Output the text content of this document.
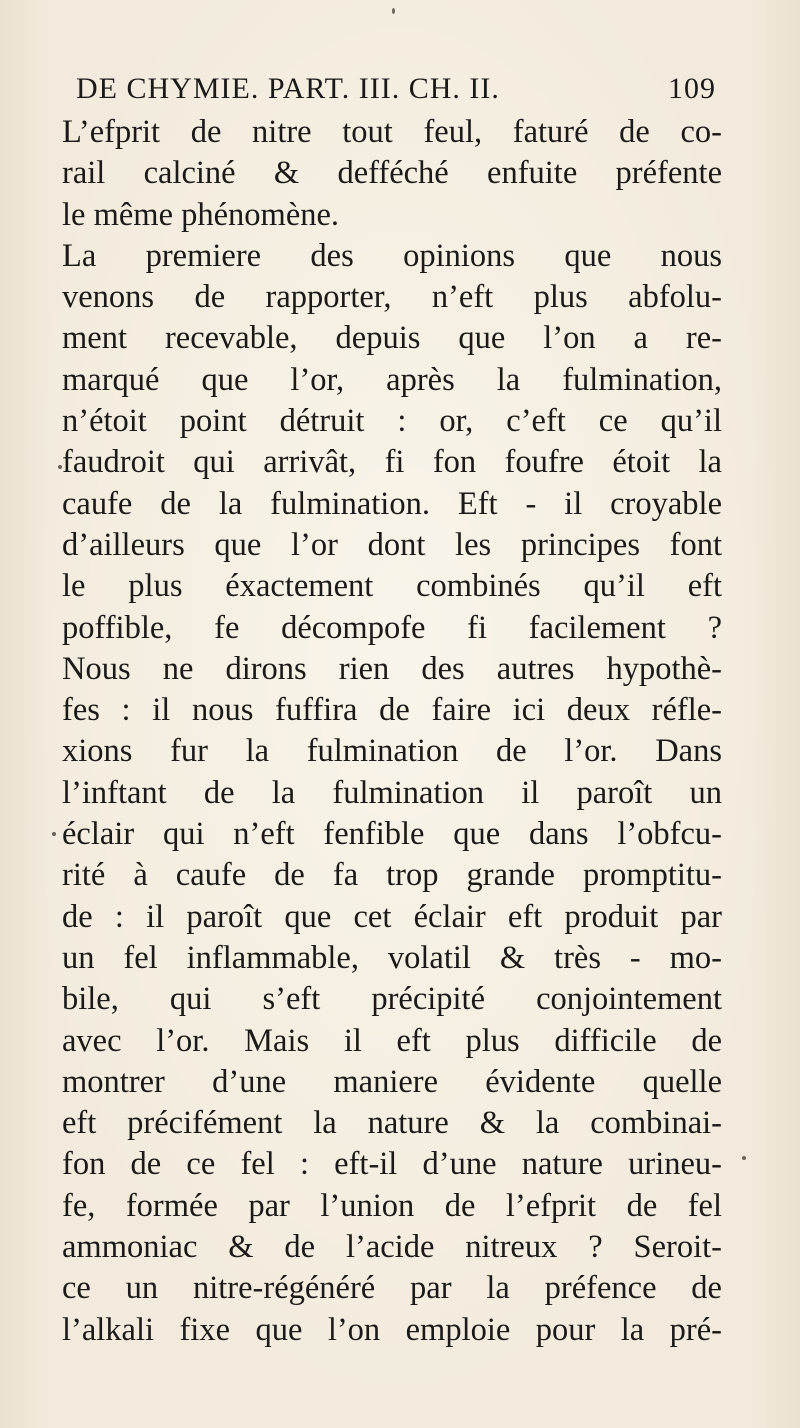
DE CHYMIE. PART. III. CH. II.	109
L’efprit de nitre tout feul, faturé de co-
rail calciné & defféché enfuite préfente
le même phénomène.
La premiere des opinions que nous
venons de rapporter, n’eft plus abfolu-
ment recevable, depuis que l’on a re-
marqué que l’or, après la fulmination,
n’étoit point détruit : or, c’eft ce qu’il
faudroit qui arrivât, fi fon foufre étoit la
caufe de la fulmination. Eft - il croyable
d’ailleurs que l’or dont les principes font
le plus éxactement combinés qu’il eft
poffible, fe décompofe fi facilement ?
Nous ne dirons rien des autres hypothè-
fes : il nous fuffira de faire ici deux réfle-
xions fur la fulmination de l’or. Dans
l’inftant de la fulmination il paroît un
éclair qui n’eft fenfible que dans l’obfcu-
rité à caufe de fa trop grande promptitu-
de : il paroît que cet éclair eft produit par
un fel inflammable, volatil & très - mo-
bile, qui s’eft précipité conjointement
avec l’or. Mais il eft plus difficile de
montrer d’une maniere évidente quelle
eft précifément la nature & la combinai-
fon de ce fel : eft-il d’une nature urineu-
fe, formée par l’union de l’efprit de fel
ammoniac & de l’acide nitreux ? Seroit-
ce un nitre-régénéré par la préfence de
l’alkali fixe que l’on emploie pour la pré-
